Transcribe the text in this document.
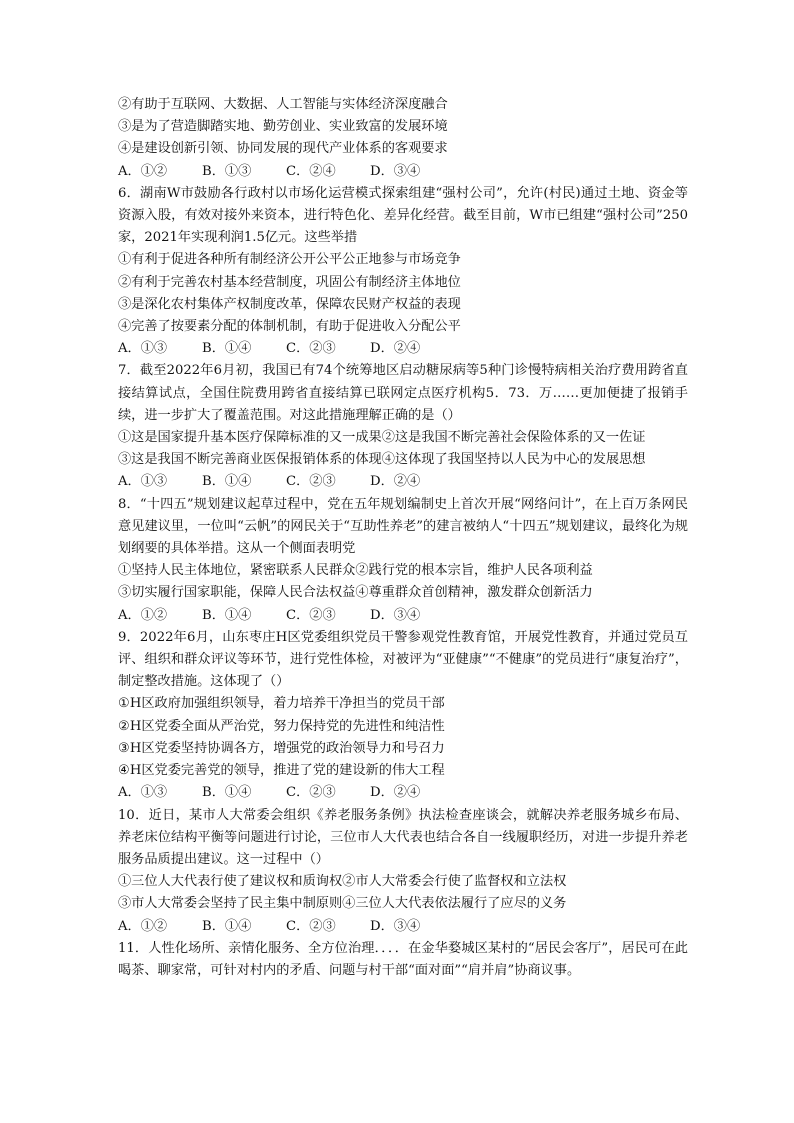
②有助于互联网、大数据、人工智能与实体经济深度融合

③是为了营造脚踏实地、勤劳创业、实业致富的发展环境

④是建设创新引领、协同发展的现代产业体系的客观要求

A．①②	B．①③	C．②④	D．③④

6．湖南W市鼓励各行政村以市场化运营模式探索组建“强村公司”，允许(村民)通过土地、资金等资源入股，有效对接外来资本，进行特色化、差异化经营。截至目前，W市已组建“强村公司”250家，2021年实现利润1.5亿元。这些举措

①有利于促进各种所有制经济公开公平公正地参与市场竞争

②有利于完善农村基本经营制度，巩固公有制经济主体地位

③是深化农村集体产权制度改革，保障农民财产权益的表现

④完善了按要素分配的体制机制，有助于促进收入分配公平

A．①③	B．①④	C．②③	D．②④

7．截至2022年6月初，我国已有74个统筹地区启动糖尿病等5种门诊慢特病相关治疗费用跨省直接结算试点，全国住院费用跨省直接结算已联网定点医疗机构5．73．万……更加便捷了报销手续，进一步扩大了覆盖范围。对这此措施理解正确的是（）

①这是国家提升基本医疗保障标准的又一成果②这是我国不断完善社会保险体系的又一佐证

③这是我国不断完善商业医保报销体系的体现④这体现了我国坚持以人民为中心的发展思想

A．①③	B．①④	C．②③	D．②④

8．“十四五”规划建议起草过程中，党在五年规划编制史上首次开展“网络问计”，在上百万条网民意见建议里，一位叫“云帆”的网民关于“互助性养老”的建言被纳人“十四五”规划建议，最终化为规划纲要的具体举措。这从一个侧面表明党

①坚持人民主体地位，紧密联系人民群众②践行党的根本宗旨，维护人民各项利益

③切实履行国家职能，保障人民合法权益④尊重群众首创精神，激发群众创新活力

A．①②	B．①④	C．②③	D．③④

9．2022年6月，山东枣庄H区党委组织党员干警参观党性教育馆，开展党性教育，并通过党员互评、组织和群众评议等环节，进行党性体检，对被评为“亚健康”“不健康”的党员进行“康复治疗”，制定整改措施。这体现了（）

①H区政府加强组织领导，着力培养干净担当的党员干部

②H区党委全面从严治党，努力保持党的先进性和纯洁性

③H区党委坚持协调各方，增强党的政治领导力和号召力

④H区党委完善党的领导，推进了党的建设新的伟大工程

A．①③	B．①④	C．②③	D．②④

10．近日，某市人大常委会组织《养老服务条例》执法检查座谈会，就解决养老服务城乡布局、养老床位结构平衡等问题进行讨论，三位市人大代表也结合各自一线履职经历，对进一步提升养老服务品质提出建议。这一过程中（）

①三位人大代表行使了建议权和质询权②市人大常委会行使了监督权和立法权

③市人大常委会坚持了民主集中制原则④三位人大代表依法履行了应尽的义务

A．①②	B．①④	C．②③	D．③④

11．人性化场所、亲情化服务、全方位治理．．．．在金华婺城区某村的“居民会客厅”，居民可在此喝茶、聊家常，可针对村内的矛盾、问题与村干部“面对面”“肩并肩”协商议事。
